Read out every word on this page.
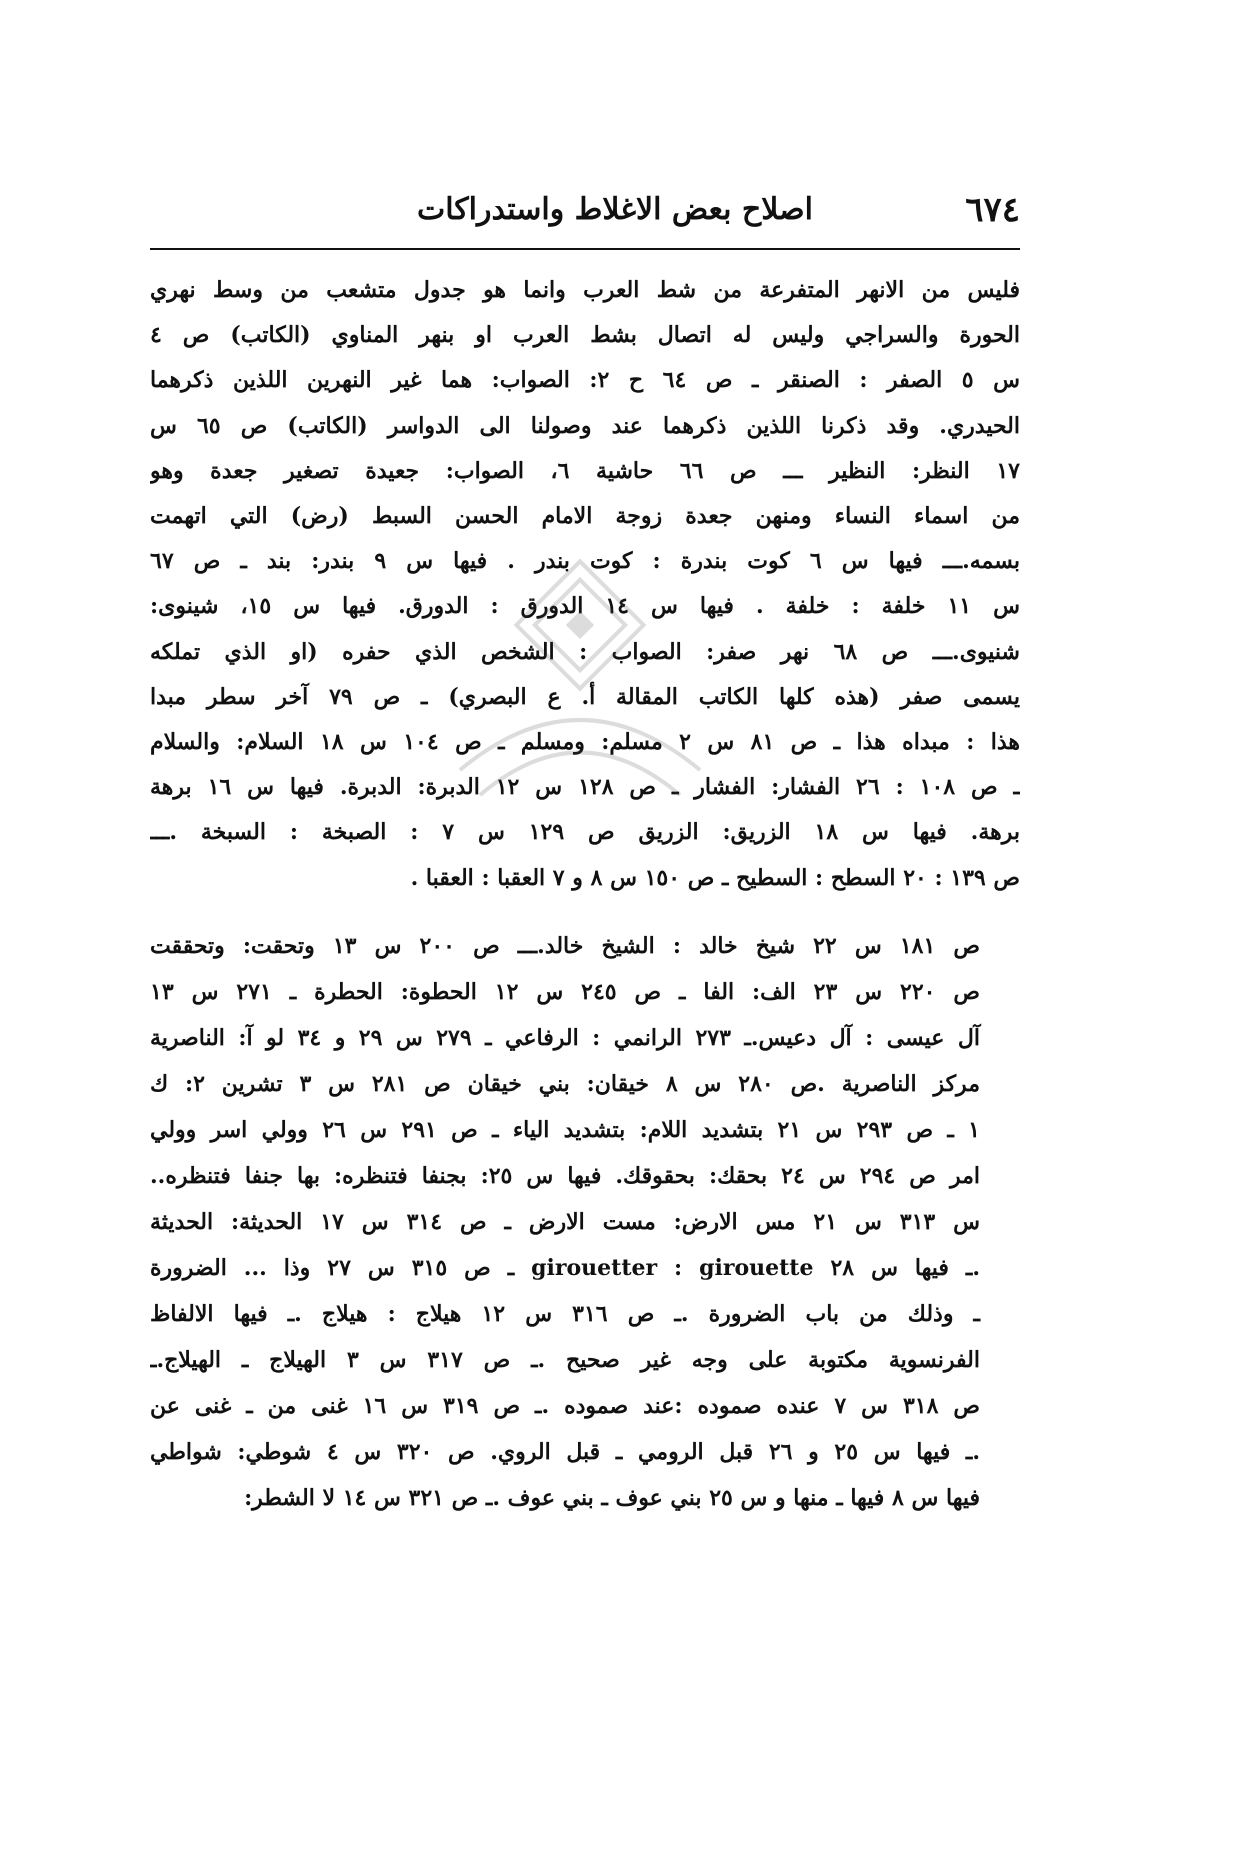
٦٧٤
اصلاح بعض الاغلاط واستدراكات

فليس من الانهر المتفرعة من شط العرب وانما هو جدول متشعب من وسط نهري
الحورة والسراجي وليس له اتصال بشط العرب او بنهر المناوي (الكاتب) ص ٤
س ٥ الصفر : الصنقر ـ ص ٦٤ ح ٢: الصواب: هما غير النهرين اللذين ذكرهما
الحيدري. وقد ذكرنا اللذين ذكرهما عند وصولنا الى الدواسر (الكاتب) ص ٦٥ س
١٧ النظر: النظير ـــ ص ٦٦ حاشية ٦، الصواب: جعيدة تصغير جعدة وهو
من اسماء النساء ومنهن جعدة زوجة الامام الحسن السبط (رض) التي اتهمت
بسمه.ـــ فيها س ٦ كوت بندرة : كوت بندر . فيها س ٩ بندر: بند ـ ص ٦٧
س ١١ خلفة : خلفة . فيها س ١٤ الدورق : الدورق. فيها س ١٥، شينوى:
شنيوى.ـــ ص ٦٨ نهر صفر: الصواب : الشخص الذي حفره (او الذي تملكه
يسمى صفر (هذه كلها الكاتب المقالة أ. ع البصري) ـ ص ٧٩ آخر سطر مبدا
هذا : مبداه هذا ـ ص ٨١ س ٢ مسلم: ومسلم ـ ص ١٠٤ س ١٨ السلام: والسلام
ـ ص ١٠٨ : ٢٦ الفشار: الفشار ـ ص ١٢٨ س ١٢ الدبرة: الدبرة. فيها س ١٦ برهة
برهة. فيها س ١٨ الزريق: الزريق ص ١٢٩ س ٧ : الصبخة : السبخة .ـــ
ص ١٣٩ : ٢٠ السطح : السطيح ـ ص ١٥٠ س ٨ و ٧ العقبا : العقبا .

ص ١٨١ س ٢٢ شيخ خالد : الشيخ خالد.ـــ ص ٢٠٠ س ١٣ وتحقت: وتحققت
ص ٢٢٠ س ٢٣ الف: الفا ـ ص ٢٤٥ س ١٢ الحطوة: الحطرة ـ ٢٧١ س ١٣
آل عيسى : آل دعيس.ـ ٢٧٣ الرانمي : الرفاعي ـ ٢٧٩ س ٢٩ و ٣٤ لو آ: الناصرية
مركز الناصرية .ص ٢٨٠ س ٨ خيقان: بني خيقان ص ٢٨١ س ٣ تشرين ٢: ك
١ ـ ص ٢٩٣ س ٢١ بتشديد اللام: بتشديد الياء ـ ص ٢٩١ س ٢٦ وولي اسر وولي
امر ص ٢٩٤ س ٢٤ بحقك: بحقوقك. فيها س ٢٥: بجنفا فتنظره: بها جنفا فتنظره..
س ٣١٣ س ٢١ مس الارض: مست الارض ـ ص ٣١٤ س ١٧ الحديثة: الحديثة
.ـ فيها س ٢٨ girouetter : girouette ـ ص ٣١٥ س ٢٧ وذا ... الضرورة
ـ وذلك من باب الضرورة .ـ ص ٣١٦ س ١٢ هيلاج : هيلاج .ـ فيها الالفاظ
الفرنسوية مكتوبة على وجه غير صحيح .ـ ص ٣١٧ س ٣ الهيلاج ـ الهيلاج.ـ
ص ٣١٨ س ٧ عنده صموده :عند صموده .ـ ص ٣١٩ س ١٦ غنى من ـ غنى عن
.ـ فيها س ٢٥ و ٢٦ قبل الرومي ـ قبل الروي. ص ٣٢٠ س ٤ شوطي: شواطي
فيها س ٨ فيها ـ منها و س ٢٥ بني عوف ـ بني عوف .ـ ص ٣٢١ س ١٤ لا الشطر:
